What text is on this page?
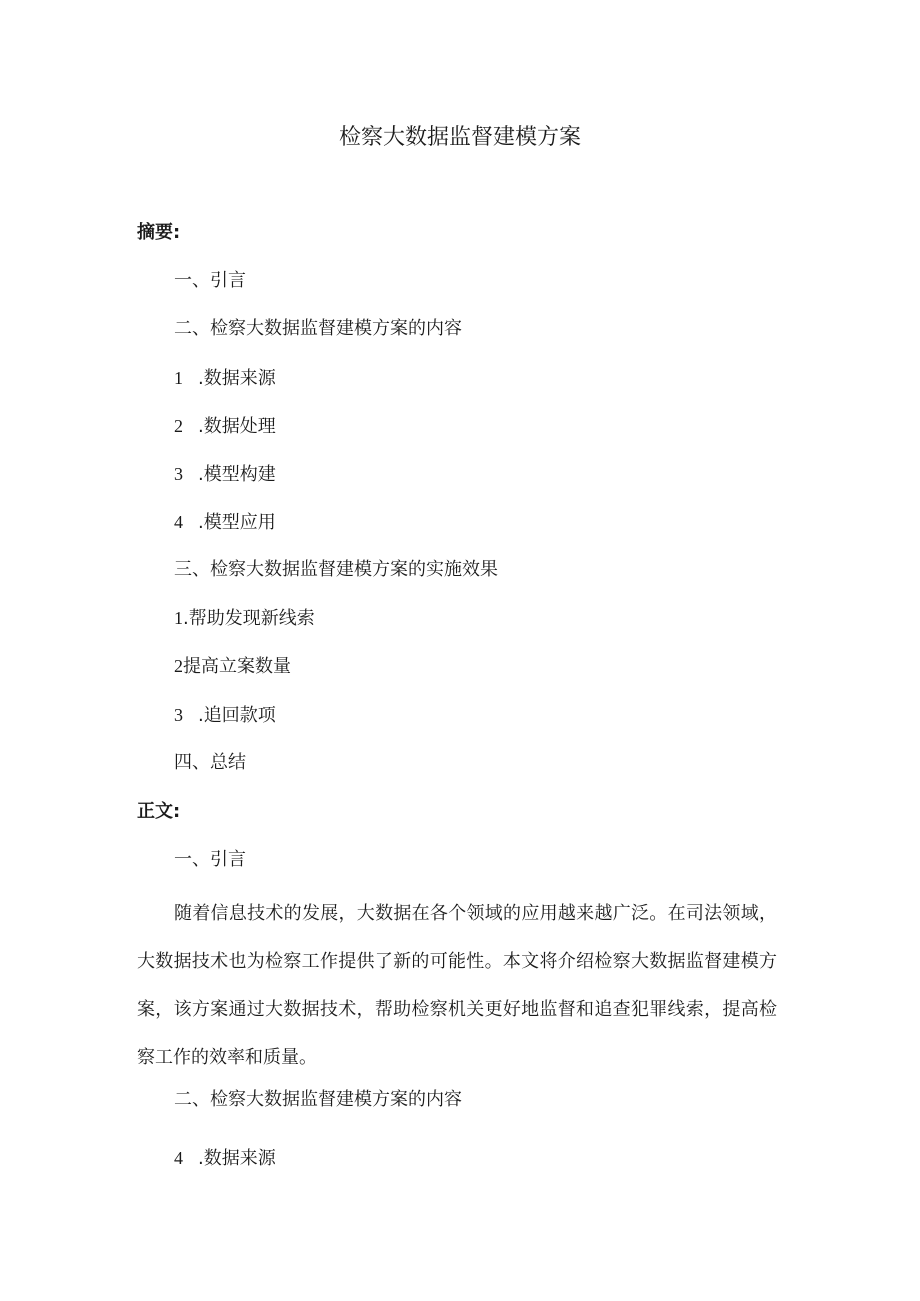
检察大数据监督建模方案
摘要:
一、引言
二、检察大数据监督建模方案的内容
1 .数据来源
2 .数据处理
3 .模型构建
4 .模型应用
三、检察大数据监督建模方案的实施效果
1.帮助发现新线索
2提高立案数量
3 .追回款项
四、总结
正文:
一、引言

随着信息技术的发展，大数据在各个领域的应用越来越广泛。在司法领域，大数据技术也为检察工作提供了新的可能性。本文将介绍检察大数据监督建模方案，该方案通过大数据技术，帮助检察机关更好地监督和追查犯罪线索，提高检察工作的效率和质量。

二、检察大数据监督建模方案的内容
4 .数据来源
